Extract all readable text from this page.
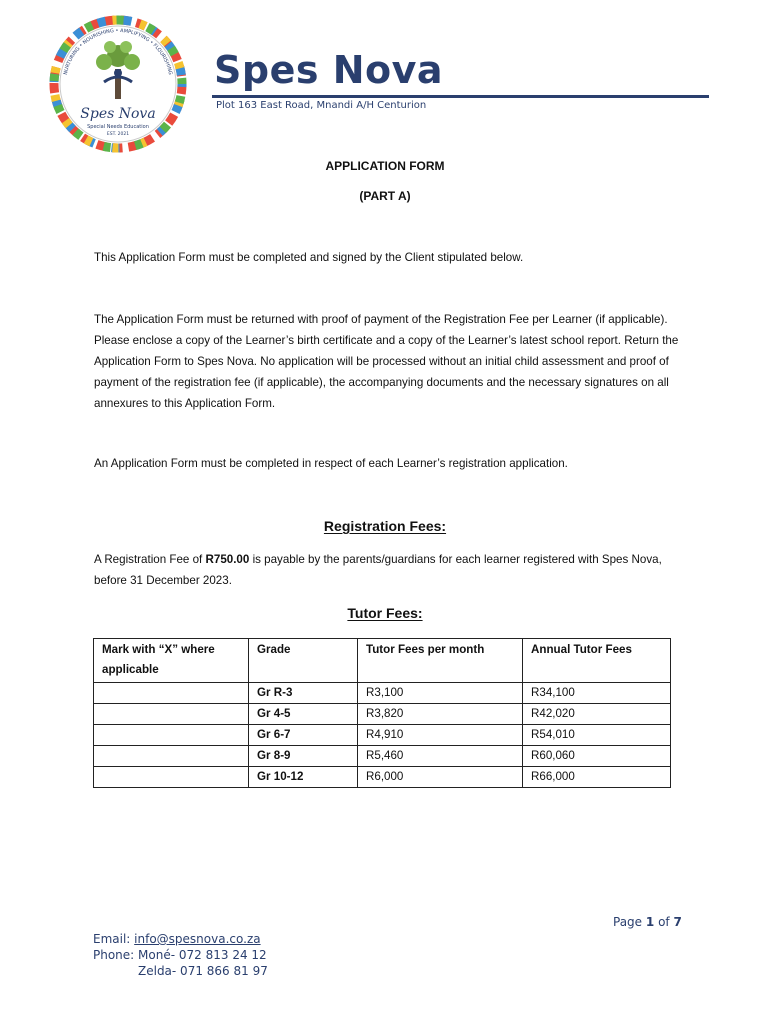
Spes Nova
Special Needs Education
EST. 2021
NURTURING • NOURISHING • AMPLIFYING • FLOURISHING Spes Nova
Plot 163 East Road, Mnandi A/H Centurion
APPLICATION FORM
(PART A)
This Application Form must be completed and signed by the Client stipulated below.
The Application Form must be returned with proof of payment of the Registration Fee per Learner (if applicable). Please enclose a copy of the Learner’s birth certificate and a copy of the Learner’s latest school report. Return the Application Form to Spes Nova. No application will be processed without an initial child assessment and proof of payment of the registration fee (if applicable), the accompanying documents and the necessary signatures on all annexures to this Application Form.
An Application Form must be completed in respect of each Learner’s registration application.
Registration Fees:
A Registration Fee of R750.00 is payable by the parents/guardians for each learner registered with Spes Nova, before 31 December 2023.
Tutor Fees:
Mark with “X” where applicable	Grade	Tutor Fees per month	Annual Tutor Fees
	Gr R-3	R3,100	R34,100
	Gr 4-5	R3,820	R42,020
	Gr 6-7	R4,910	R54,010
	Gr 8-9	R5,460	R60,060
	Gr 10-12	R6,000	R66,000
Page 1 of 7
Email: info@spesnova.co.za
Phone: Moné- 072 813 24 12
Zelda- 071 866 81 97
